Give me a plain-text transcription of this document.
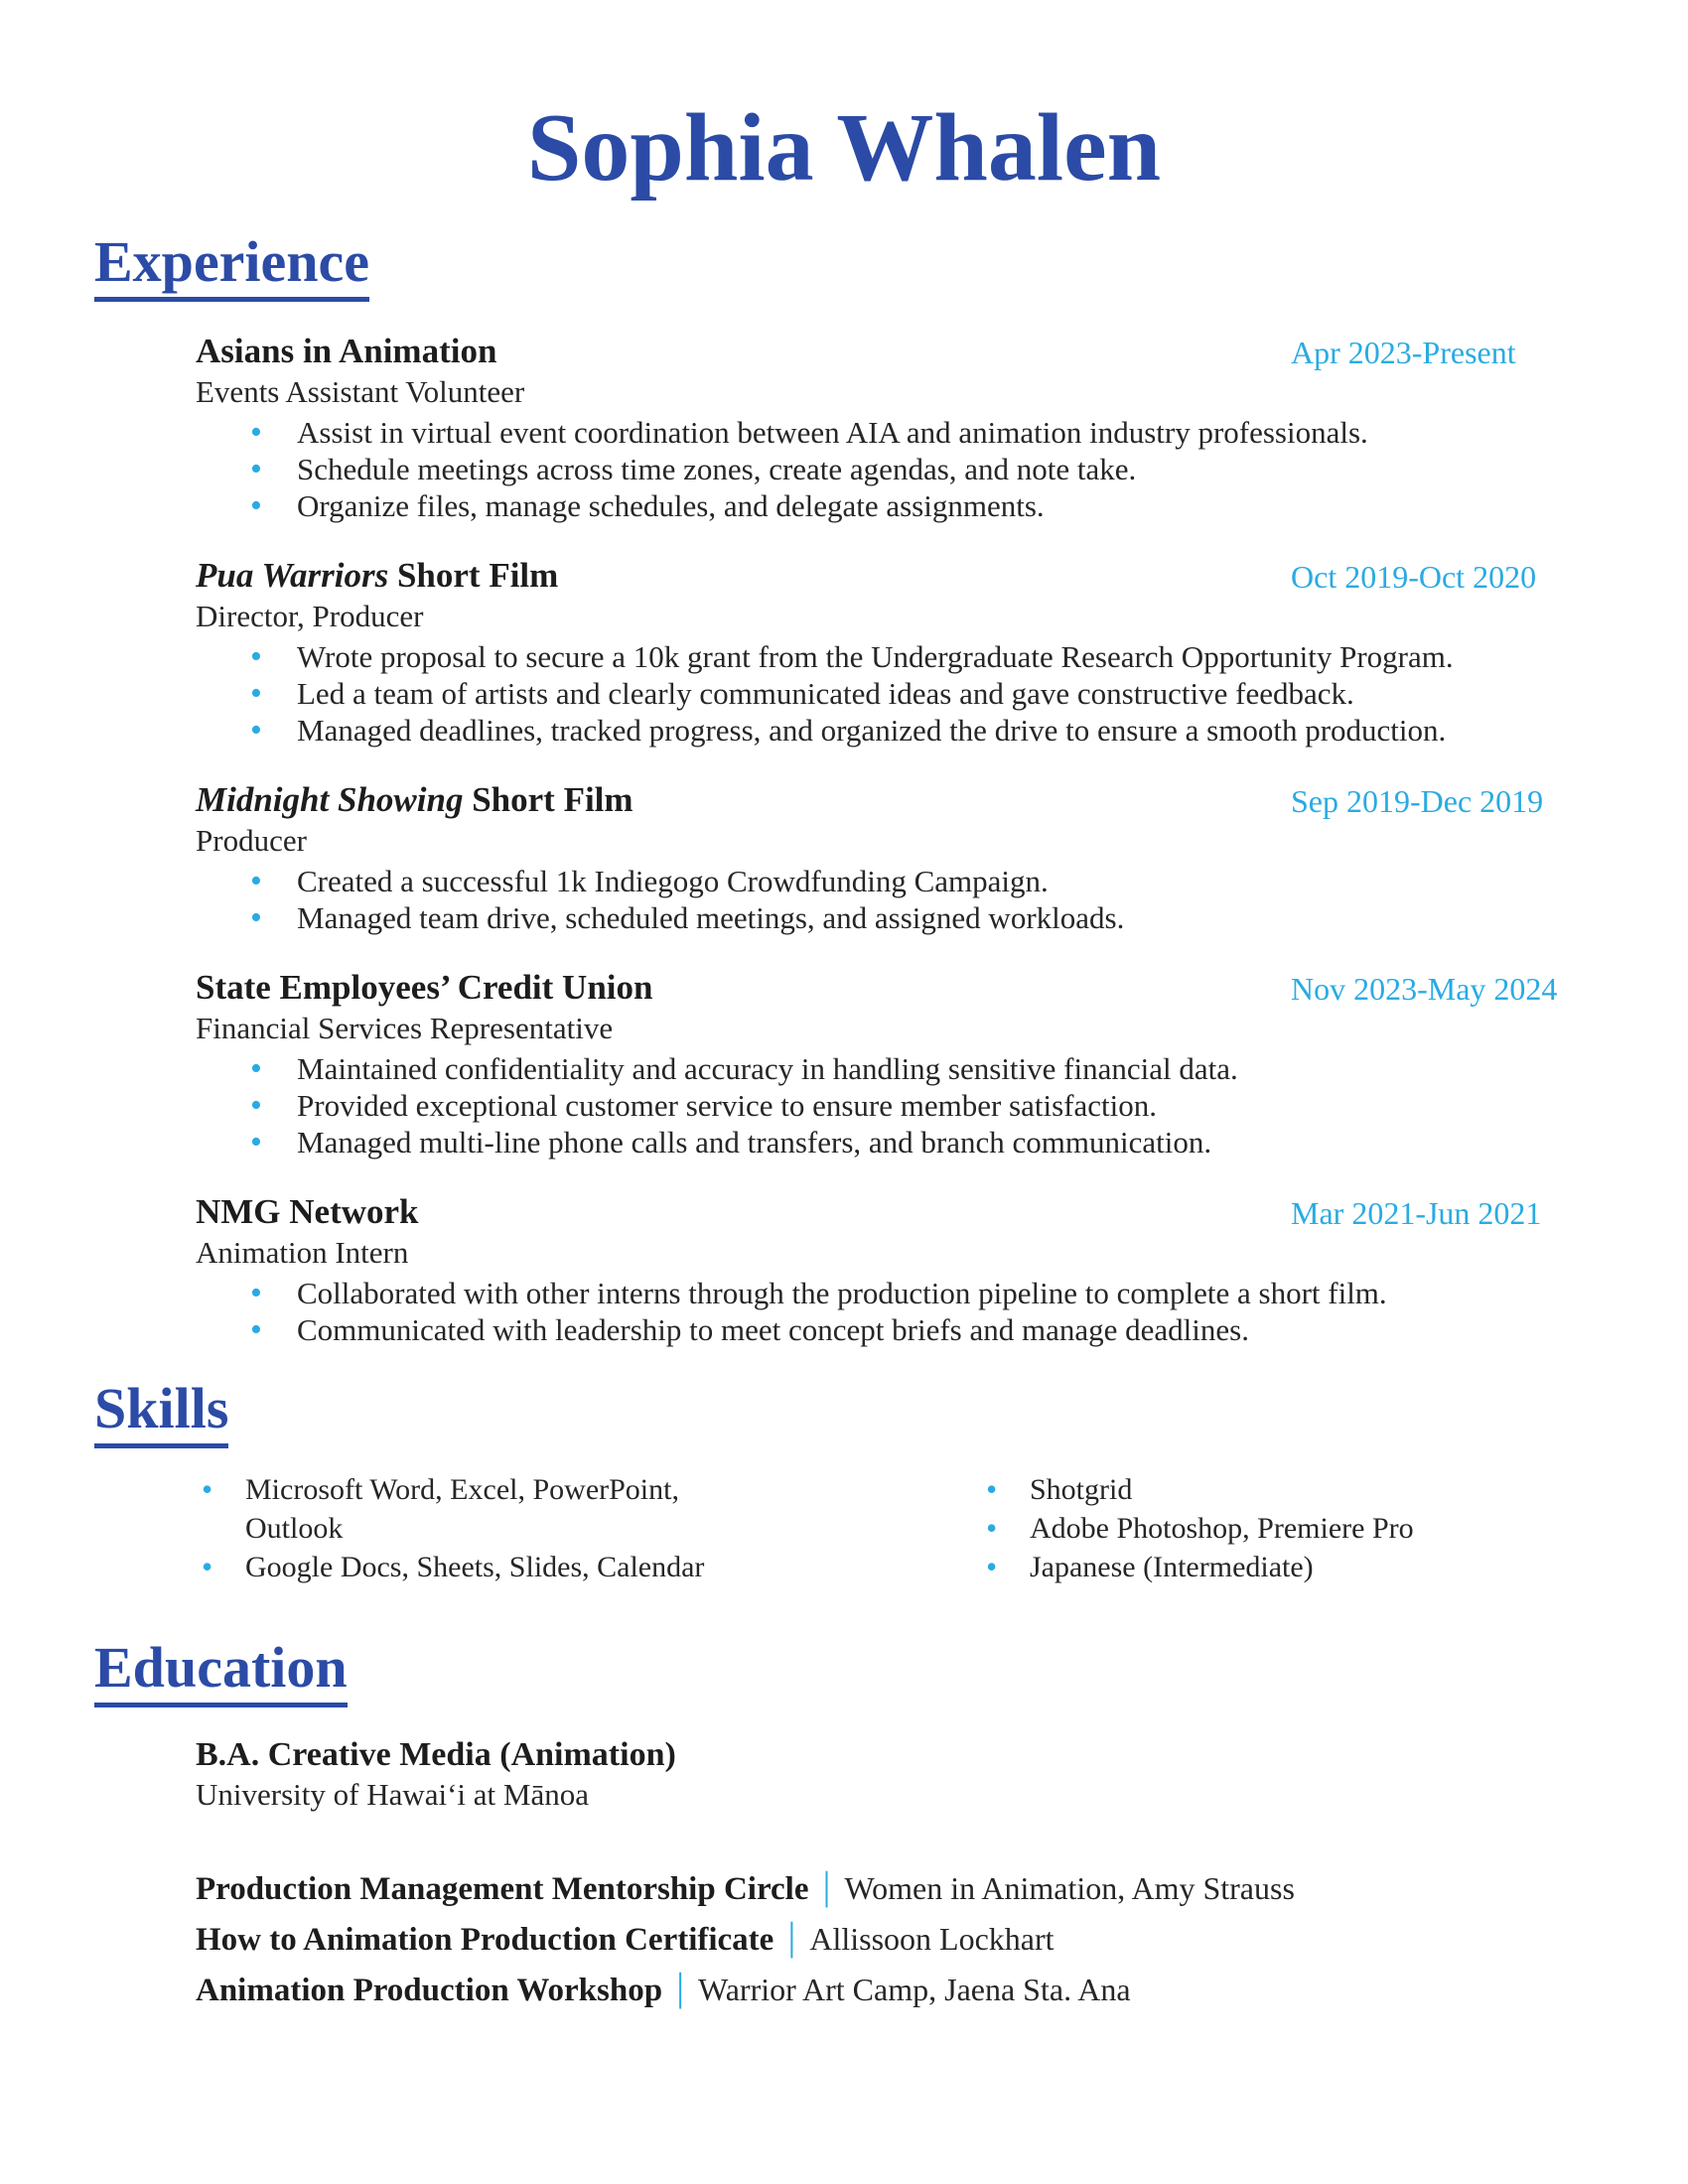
Sophia Whalen
Experience
Asians in Animation	Apr 2023-Present
Events Assistant Volunteer
•	Assist in virtual event coordination between AIA and animation industry professionals.
•	Schedule meetings across time zones, create agendas, and note take.
•	Organize files, manage schedules, and delegate assignments.
Pua Warriors Short Film	Oct 2019-Oct 2020
Director, Producer
•	Wrote proposal to secure a 10k grant from the Undergraduate Research Opportunity Program.
•	Led a team of artists and clearly communicated ideas and gave constructive feedback.
•	Managed deadlines, tracked progress, and organized the drive to ensure a smooth production.
Midnight Showing Short Film	Sep 2019-Dec 2019
Producer
•	Created a successful 1k Indiegogo Crowdfunding Campaign.
•	Managed team drive, scheduled meetings, and assigned workloads.
State Employees’ Credit Union	Nov 2023-May 2024
Financial Services Representative
•	Maintained confidentiality and accuracy in handling sensitive financial data.
•	Provided exceptional customer service to ensure member satisfaction.
•	Managed multi-line phone calls and transfers, and branch communication.
NMG Network	Mar 2021-Jun 2021
Animation Intern
•	Collaborated with other interns through the production pipeline to complete a short film.
•	Communicated with leadership to meet concept briefs and manage deadlines.
Skills
•	Microsoft Word, Excel, PowerPoint, Outlook
•	Google Docs, Sheets, Slides, Calendar
•	Shotgrid
•	Adobe Photoshop, Premiere Pro
•	Japanese (Intermediate)
Education
B.A. Creative Media (Animation)
University of Hawaiʻi at Mānoa
Production Management Mentorship Circle | Women in Animation, Amy Strauss
How to Animation Production Certificate | Allissoon Lockhart
Animation Production Workshop | Warrior Art Camp, Jaena Sta. Ana
